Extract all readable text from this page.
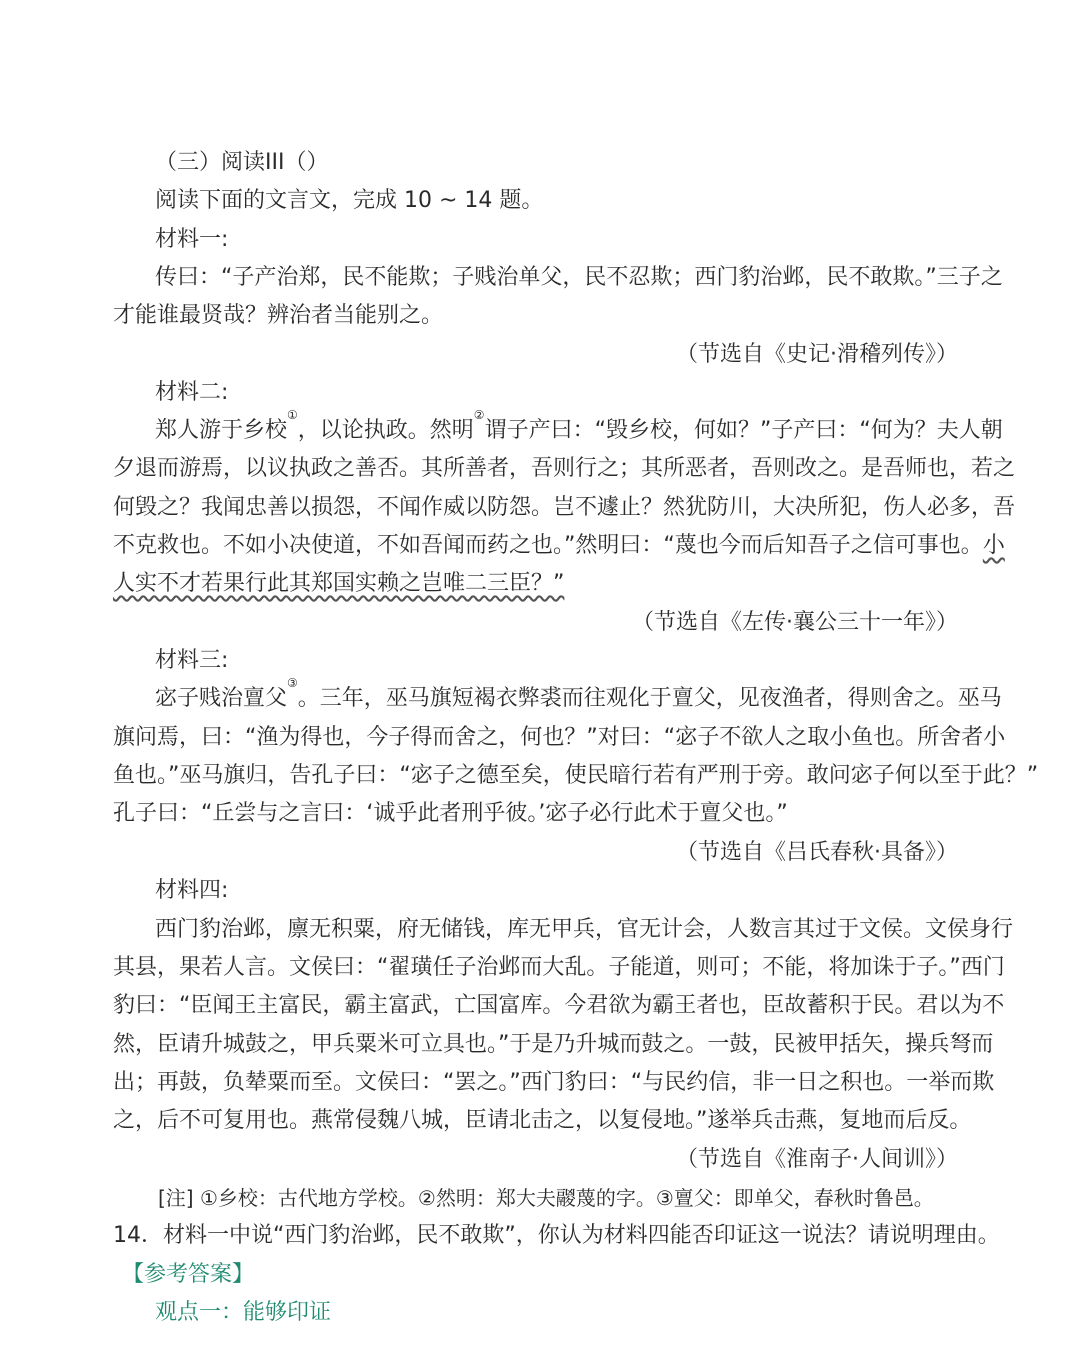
（三）阅读III（）
阅读下面的文言文，完成 10 ~ 14 题。
材料一:
传曰：“子产治郑，民不能欺；子贱治单父，民不忍欺；西门豹治邺，民不敢欺。”三子之
才能谁最贤哉？辨治者当能别之。
（节选自《史记·滑稽列传》）
材料二:
郑人游于乡校①，以论执政。然明②谓子产曰：“毁乡校，何如？”子产曰：“何为？夫人朝
夕退而游焉，以议执政之善否。其所善者，吾则行之；其所恶者，吾则改之。是吾师也，若之
何毁之？我闻忠善以损怨，不闻作威以防怨。岂不遽止？然犹防川，大决所犯，伤人必多，吾
不克救也。不如小决使道，不如吾闻而药之也。”然明曰：“蔑也今而后知吾子之信可事也。小
人实不才若果行此其郑国实赖之岂唯二三臣？”
（节选自《左传·襄公三十一年》）
材料三:
宓子贱治亶父③。三年，巫马旗短褐衣弊裘而往观化于亶父，见夜渔者，得则舍之。巫马
旗问焉，曰：“渔为得也，今子得而舍之，何也？”对曰：“宓子不欲人之取小鱼也。所舍者小
鱼也。”巫马旗归，告孔子曰：“宓子之德至矣，使民暗行若有严刑于旁。敢问宓子何以至于此？”
孔子曰：“丘尝与之言曰：‘诚乎此者刑乎彼。’宓子必行此术于亶父也。”
（节选自《吕氏春秋·具备》）
材料四:
西门豹治邺，廪无积粟，府无储钱，库无甲兵，官无计会，人数言其过于文侯。文侯身行
其县，果若人言。文侯曰：“翟璜任子治邺而大乱。子能道，则可；不能，将加诛于子。”西门
豹曰：“臣闻王主富民，霸主富武，亡国富库。今君欲为霸王者也，臣故蓄积于民。君以为不
然，臣请升城鼓之，甲兵粟米可立具也。”于是乃升城而鼓之。一鼓，民被甲括矢，操兵弩而
出；再鼓，负辇粟而至。文侯曰：“罢之。”西门豹曰：“与民约信，非一日之积也。一举而欺
之，后不可复用也。燕常侵魏八城，臣请北击之，以复侵地。”遂举兵击燕，复地而后反。
（节选自《淮南子·人间训》）
[注] ①乡校：古代地方学校。②然明：郑大夫鬷蔑的字。③亶父：即单父，春秋时鲁邑。
14．材料一中说“西门豹治邺，民不敢欺”，你认为材料四能否印证这一说法？请说明理由。
【参考答案】
观点一：能够印证
